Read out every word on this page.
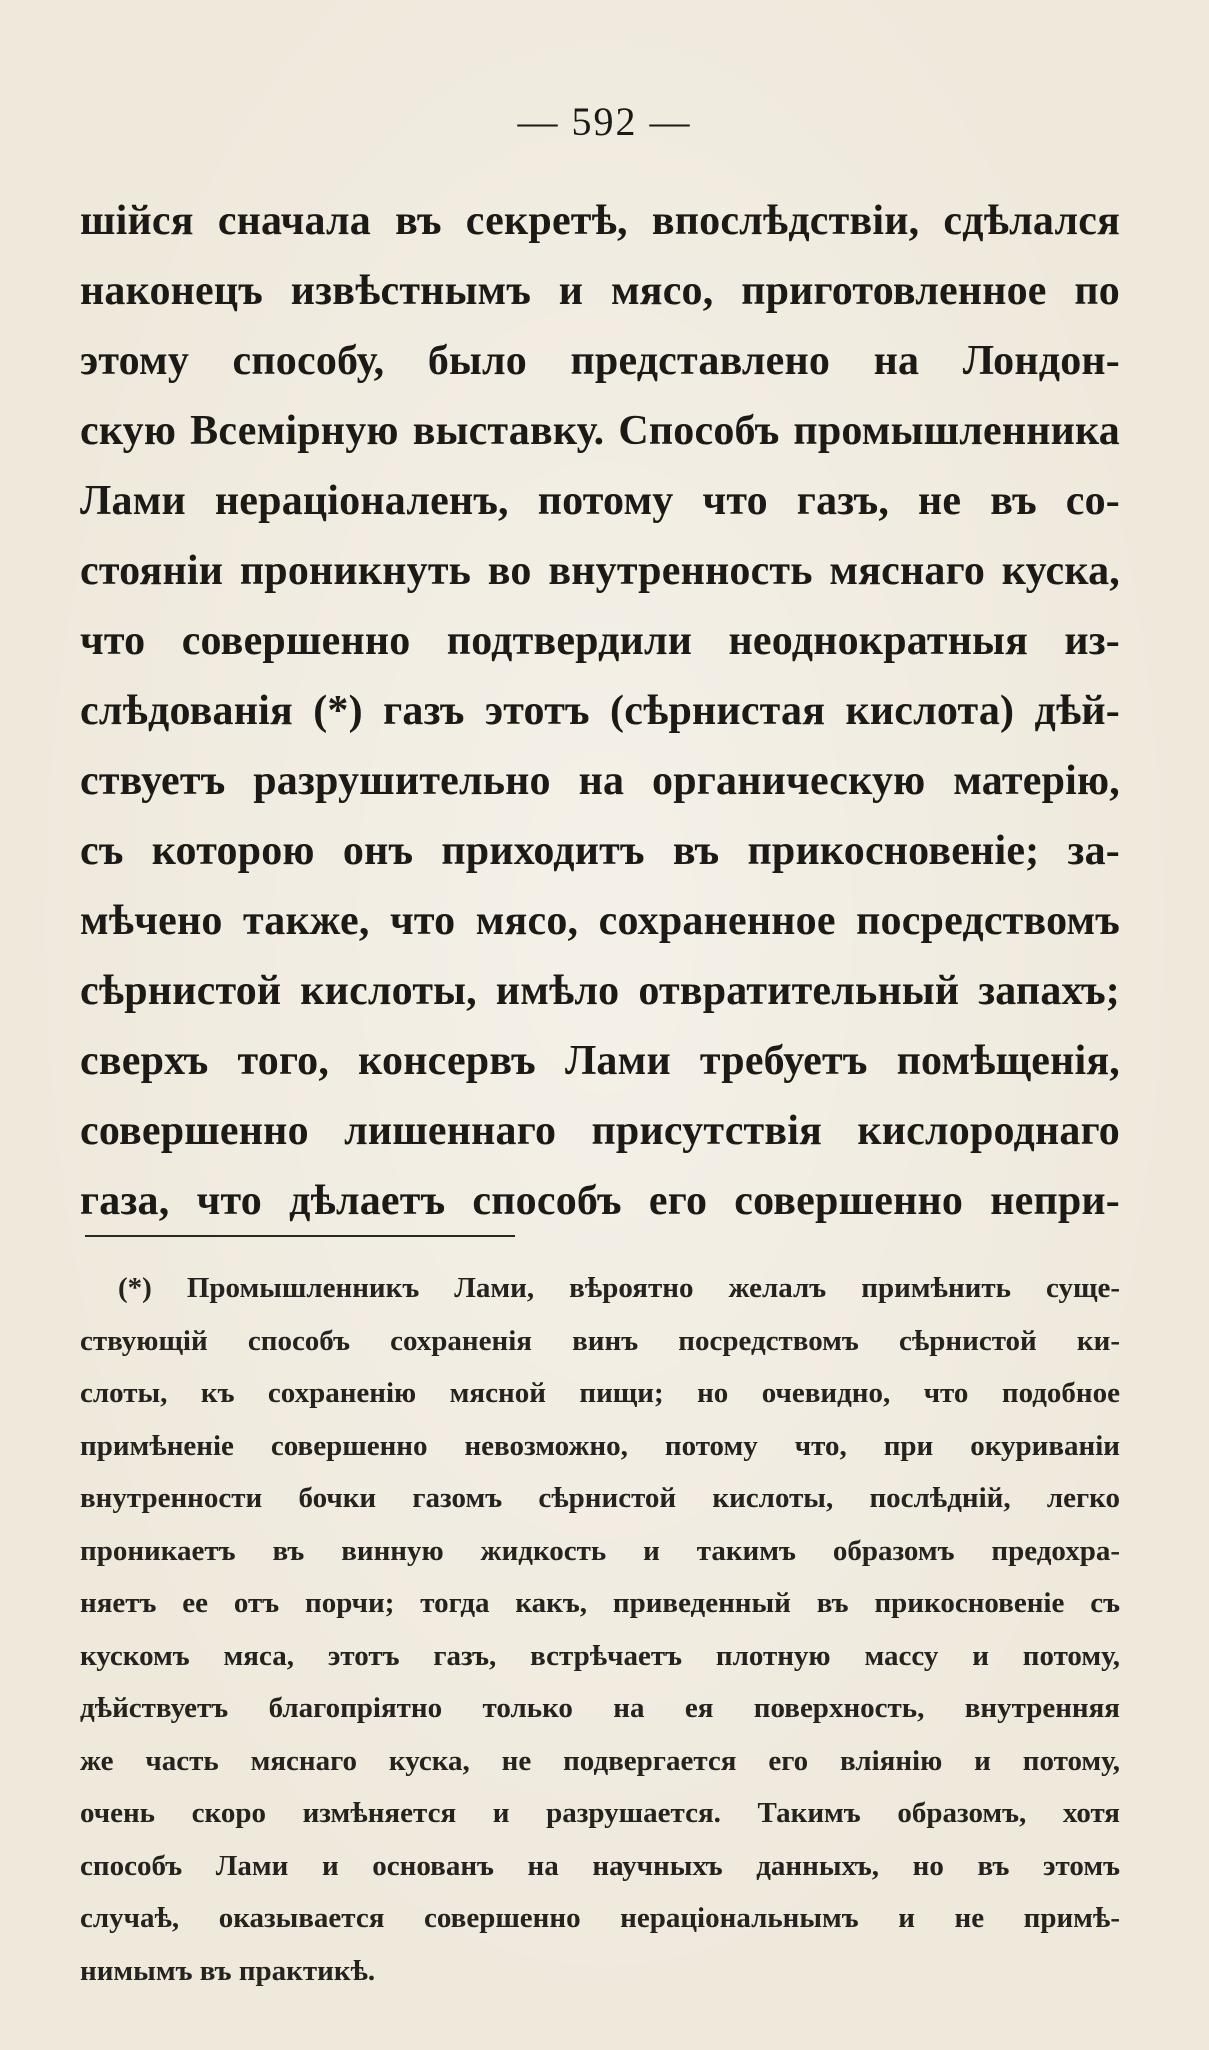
— 592 —
шійся сначала въ секретѣ, впослѣдствіи, сдѣлался
наконецъ извѣстнымъ и мясо, приготовленное по
этому способу, было представлено на Лондон-
скую Всемірную выставку. Способъ промышленника
Лами нераціоналенъ, потому что газъ, не въ со-
стояніи проникнуть во внутренность мяснаго куска,
что совершенно подтвердили неоднократныя из-
слѣдованія (*) газъ этотъ (сѣрнистая кислота) дѣй-
ствуетъ разрушительно на органическую матерію,
съ которою онъ приходитъ въ прикосновеніе; за-
мѣчено также, что мясо, сохраненное посредствомъ
сѣрнистой кислоты, имѣло отвратительный запахъ;
сверхъ того, консервъ Лами требуетъ помѣщенія,
совершенно лишеннаго присутствія кислороднаго
газа, что дѣлаетъ способъ его совершенно непри-
(*) Промышленникъ Лами, вѣроятно желалъ примѣнить суще-
ствующій способъ сохраненія винъ посредствомъ сѣрнистой ки-
слоты, къ сохраненію мясной пищи; но очевидно, что подобное
примѣненіе совершенно невозможно, потому что, при окуриваніи
внутренности бочки газомъ сѣрнистой кислоты, послѣдній, легко
проникаетъ въ винную жидкость и такимъ образомъ предохра-
няетъ ее отъ порчи; тогда какъ, приведенный въ прикосновеніе съ
кускомъ мяса, этотъ газъ, встрѣчаетъ плотную массу и потому,
дѣйствуетъ благопріятно только на ея поверхность, внутренняя
же часть мяснаго куска, не подвергается его вліянію и потому,
очень скоро измѣняется и разрушается. Такимъ образомъ, хотя
способъ Лами и основанъ на научныхъ данныхъ, но въ этомъ
случаѣ, оказывается совершенно нераціональнымъ и не примѣ-
нимымъ въ практикѣ.
